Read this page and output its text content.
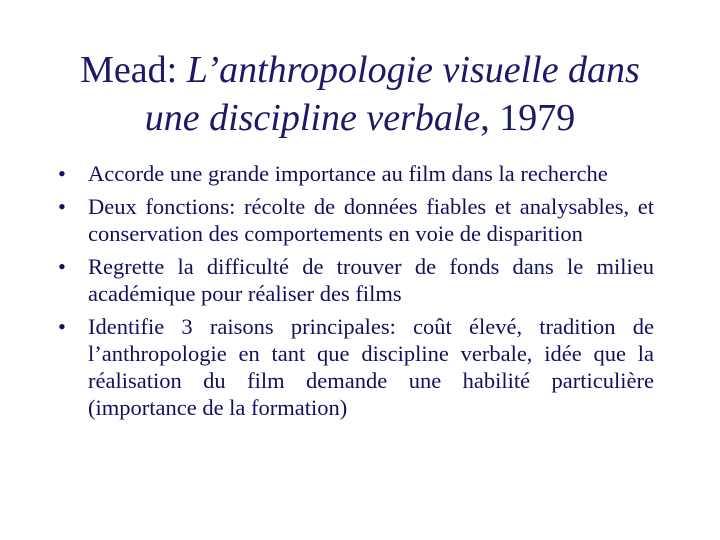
Mead: L’anthropologie visuelle dans une discipline verbale, 1979
• Accorde une grande importance au film dans la recherche
• Deux fonctions: récolte de données fiables et analysables, et conservation des comportements en voie de disparition
• Regrette la difficulté de trouver de fonds dans le milieu académique pour réaliser des films
• Identifie 3 raisons principales: coût élevé, tradition de l’anthropologie en tant que discipline verbale, idée que la réalisation du film demande une habilité particulière (importance de la formation)
